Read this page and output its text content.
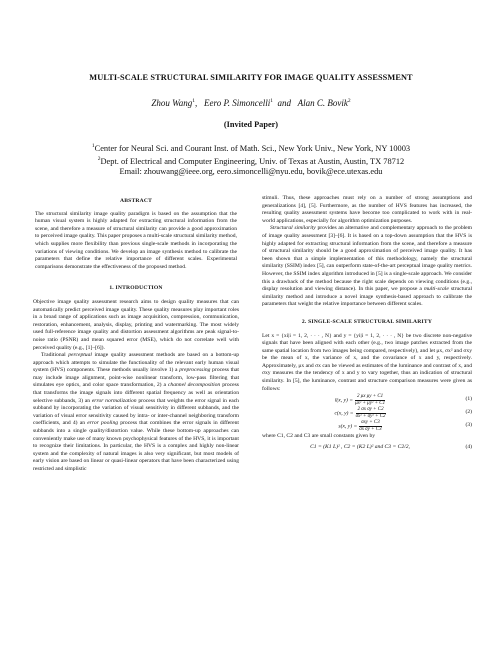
MULTI-SCALE STRUCTURAL SIMILARITY FOR IMAGE QUALITY ASSESSMENT
Zhou Wang$^1$,   Eero P. Simoncelli$^1$  and   Alan C. Bovik$^2$
(Invited Paper)
$^1$Center for Neural Sci. and Courant Inst. of Math. Sci., New York Univ., New York, NY 10003
$^2$Dept. of Electrical and Computer Engineering, Univ. of Texas at Austin, Austin, TX 78712
Email: zhouwang@ieee.org, eero.simoncelli@nyu.edu, bovik@ece.utexas.edu
ABSTRACT
The structural similarity image quality paradigm is based on the assumption that the human visual system is highly adapted for extracting structural information from the scene, and therefore a measure of structural similarity can provide a good approximation to perceived image quality. This paper proposes a multi-scale structural similarity method, which supplies more flexibility than previous single-scale methods in incorporating the variations of viewing conditions. We develop an image synthesis method to calibrate the parameters that define the relative importance of different scales. Experimental comparisons demonstrate the effectiveness of the proposed method.
1. INTRODUCTION

Objective image quality assessment research aims to design quality measures that can automatically predict perceived image quality. These quality measures play important roles in a broad range of applications such as image acquisition, compression, communication, restoration, enhancement, analysis, display, printing and watermarking. The most widely used full-reference image quality and distortion assessment algorithms are peak signal-to-noise ratio (PSNR) and mean squared error (MSE), which do not correlate well with perceived quality (e.g., [1]–[6]).

Traditional perceptual image quality assessment methods are based on a bottom-up approach which attempts to simulate the functionality of the relevant early human visual system (HVS) components. These methods usually involve 1) a preprocessing process that may include image alignment, point-wise nonlinear transform, low-pass filtering that simulates eye optics, and color space transformation, 2) a channel decomposition process that transforms the image signals into different spatial frequency as well as orientation selective subbands, 3) an error normalization process that weights the error signal in each subband by incorporating the variation of visual sensitivity in different subbands, and the variation of visual error sensitivity caused by intra- or inter-channel neighboring transform coefficients, and 4) an error pooling process that combines the error signals in different subbands into a single quality/distortion value. While these bottom-up approaches can conveniently make use of many known psychophysical features of the HVS, it is important to recognize their limitations. In particular, the HVS is a complex and highly non-linear system and the complexity of natural images is also very significant, but most models of early vision are based on linear or quasi-linear operators that have been characterized using restricted and simplistic

stimuli. Thus, these approaches must rely on a number of strong assumptions and generalizations [4], [5]. Furthermore, as the number of HVS features has increased, the resulting quality assessment systems have become too complicated to work with in real-world applications, especially for algorithm optimization purposes.

Structural similarity provides an alternative and complementary approach to the problem of image quality assessment [3]–[6]. It is based on a top-down assumption that the HVS is highly adapted for extracting structural information from the scene, and therefore a measure of structural similarity should be a good approximation of perceived image quality. It has been shown that a simple implementation of this methodology, namely the structural similarity (SSIM) index [5], can outperform state-of-the-art perceptual image quality metrics. However, the SSIM index algorithm introduced in [5] is a single-scale approach. We consider this a drawback of the method because the right scale depends on viewing conditions (e.g., display resolution and viewing distance). In this paper, we propose a multi-scale structural similarity method and introduce a novel image synthesis-based approach to calibrate the parameters that weight the relative importance between different scales.

2. SINGLE-SCALE STRUCTURAL SIMILARITY

Let x = {xi|i = 1, 2, · · · , N} and y = {yi|i = 1, 2, · · · , N} be two discrete non-negative signals that have been aligned with each other (e.g., two image patches extracted from the same spatial location from two images being compared, respectively), and let μx, σx² and σxy be the mean of x, the variance of x, and the covariance of x and y, respectively. Approximately, μx and σx can be viewed as estimates of the luminance and contrast of x, and σxy measures the the tendency of x and y to vary together, thus an indication of structural similarity. In [5], the luminance, contrast and structure comparison measures were given as follows:

l(x, $y) = \frac{\text{2 μx μy + C1}}{\text{μx² + μy² + C1}}$	(1)
c(x, $y) = \frac{\text{2 σx σy + C2}}{\text{σx² + σy² + C2}}$	(2)
s(x, $y) = \frac{\text{σxy + C3}}{\text{σx σy + C3}}$	(3)

where C1, C2 and C3 are small constants given by

C1 = (K1 L)² , C2 = (K2 L)² and C3 = C2/2,	(4)
